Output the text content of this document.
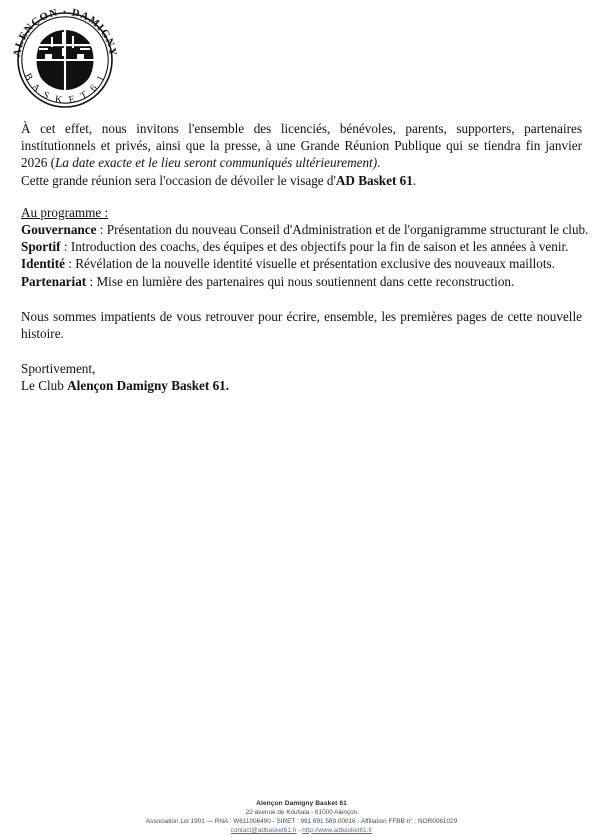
ALENÇON · DAMIGNY
B A S K E T 6 1

À cet effet, nous invitons l'ensemble des licenciés, bénévoles, parents, supporters, partenaires institutionnels et privés, ainsi que la presse, à une Grande Réunion Publique qui se tiendra fin janvier 2026 (La date exacte et le lieu seront communiqués ultérieurement).

Cette grande réunion sera l'occasion de dévoiler le visage d'AD Basket 61.

Au programme :

Gouvernance : Présentation du nouveau Conseil d'Administration et de l'organigramme structurant le club.

Sportif : Introduction des coachs, des équipes et des objectifs pour la fin de saison et les années à venir.

Identité : Révélation de la nouvelle identité visuelle et présentation exclusive des nouveaux maillots.

Partenariat : Mise en lumière des partenaires qui nous soutiennent dans cette reconstruction.

Nous sommes impatients de vous retrouver pour écrire, ensemble, les premières pages de cette nouvelle histoire.

Sportivement,

Le Club Alençon Damigny Basket 61.

Alençon Damigny Basket 61
22 avenue de Koutiala - 61000 Alençon
Association Loi 1901 — RNA : W611006490 - SIRET : 991 691 569 00016 - Affiliation FFBB n° : NOR0061029
contact@adbasket61.fr - http://www.adbasket61.fr
